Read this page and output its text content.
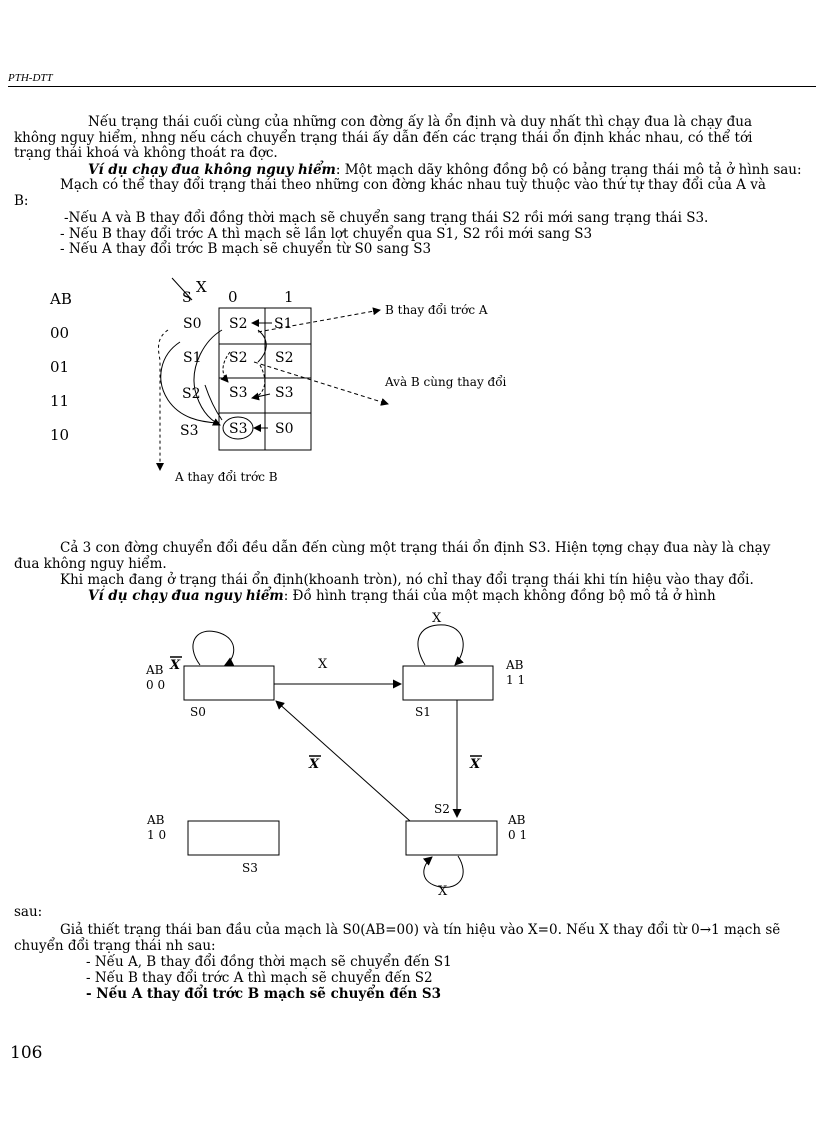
PTH-DTT
Nếu trạng thái cuối cùng của những con đờng ấy là ổn định và duy nhất thì chạy đua là chạy đua
không nguy hiểm, nhng nếu cách chuyển trạng thái ấy dẫn đến các trạng thái ổn định khác nhau, có thể tới
trạng thái khoá và không thoát ra đợc.
Ví dụ chạy đua không nguy hiểm: Một mạch dãy không đồng bộ có bảng trạng thái mô tả ở hình sau:
Mạch có thể thay đổi trạng thái theo những con đờng khác nhau tuỳ thuộc vào thứ tự thay đổi của A và
B:
-Nếu A và B thay đổi đồng thời mạch sẽ chuyển sang trạng thái S2 rồi mới sang trạng thái S3.
- Nếu B thay đổi trớc A thì mạch sẽ lần lợt chuyển qua S1, S2 rồi mới sang S3
- Nếu A thay đổi trớc B mạch sẽ chuyển từ S0 sang S3
AB
00
01
11
10
S
X
0	1
S0
S1
S2
S3
S2 S1
S2 S2
S3 S3
S3 S0
B thay đổi trớc A
Avà B cùng thay đổi
A thay đổi trớc B
Cả 3 con đờng chuyển đổi đều dẫn đến cùng một trạng thái ổn định S3. Hiện tợng chạy đua này là chạy
đua không nguy hiểm.
Khi mạch đang ở trạng thái ổn định(khoanh tròn), nó chỉ thay đổi trạng thái khi tín hiệu vào thay đổi.
Ví dụ chạy đua nguy hiểm: Đồ hình trạng thái của một mạch không đồng bộ mô tả ở hình
S0
AB
0 0
X
S1
AB
1 1
X
X
X
S2
AB
0 1
X
X
S3
AB
1 0
sau:
Giả thiết trạng thái ban đầu của mạch là S0(AB=00) và tín hiệu vào X=0. Nếu X thay đổi từ 0→1 mạch sẽ
chuyển đổi trạng thái nh sau:
- Nếu A, B thay đổi đồng thời mạch sẽ chuyển đến S1
- Nếu B thay đổi trớc A thì mạch sẽ chuyển đến S2
- Nếu A thay đổi trớc B mạch sẽ chuyển đến S3
106
